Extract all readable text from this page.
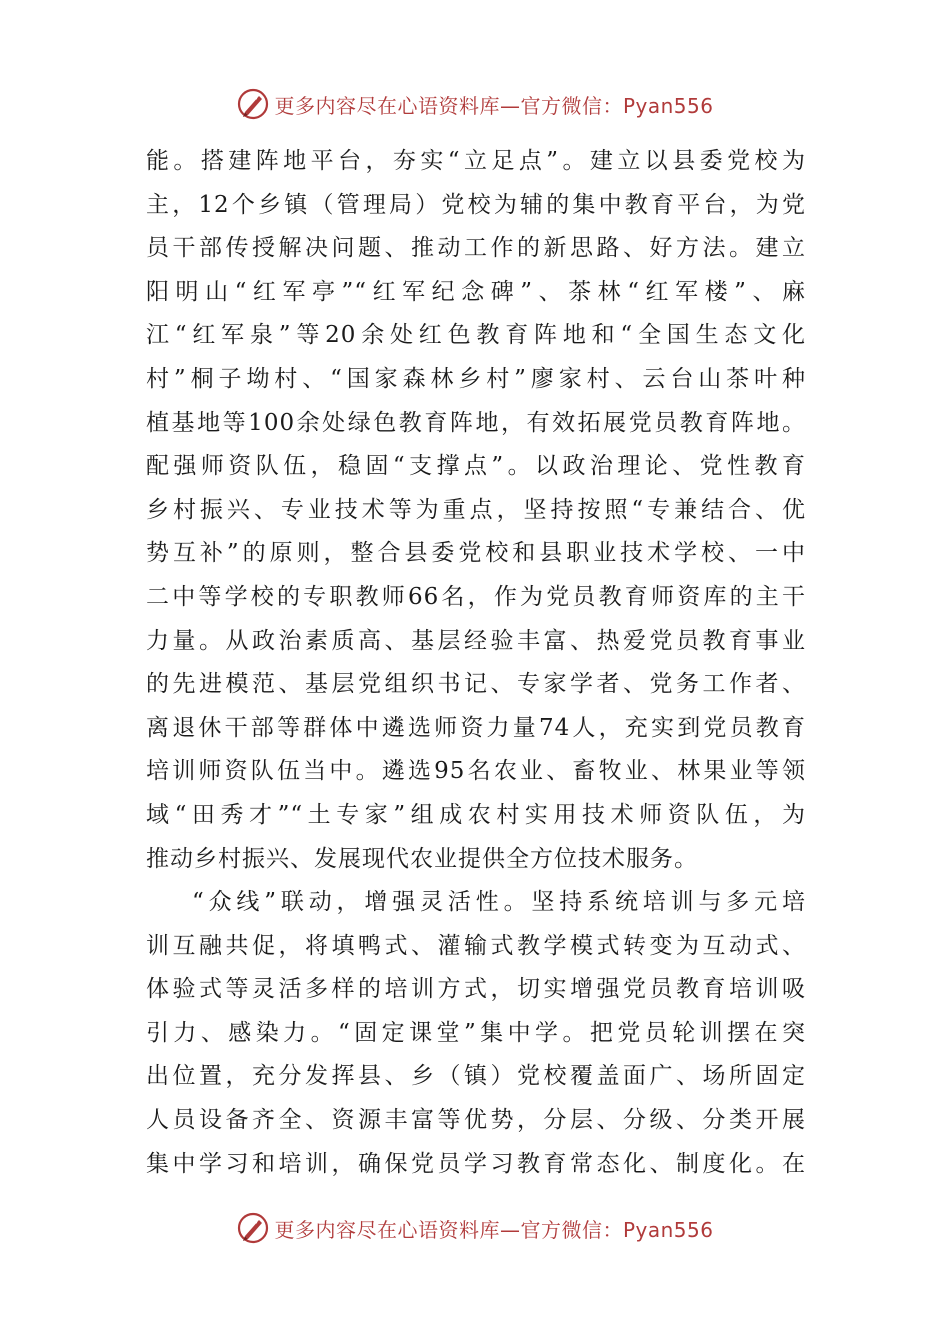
更多内容尽在心语资料库—官方微信：Pyan556
能。搭建阵地平台，夯实“立足点”。建立以县委党校为
主，12个乡镇（管理局）党校为辅的集中教育平台，为党
员干部传授解决问题、推动工作的新思路、好方法。建立
阳明山“红军亭”“红军纪念碑”、茶林“红军楼”、麻
江“红军泉”等20余处红色教育阵地和“全国生态文化
村”桐子坳村、“国家森林乡村”廖家村、云台山茶叶种
植基地等100余处绿色教育阵地，有效拓展党员教育阵地。
配强师资队伍，稳固“支撑点”。以政治理论、党性教育
乡村振兴、专业技术等为重点，坚持按照“专兼结合、优
势互补”的原则，整合县委党校和县职业技术学校、一中
二中等学校的专职教师66名，作为党员教育师资库的主干
力量。从政治素质高、基层经验丰富、热爱党员教育事业
的先进模范、基层党组织书记、专家学者、党务工作者、
离退休干部等群体中遴选师资力量74人，充实到党员教育
培训师资队伍当中。遴选95名农业、畜牧业、林果业等领
域“田秀才”“土专家”组成农村实用技术师资队伍，为
推动乡村振兴、发展现代农业提供全方位技术服务。
“众线”联动，增强灵活性。坚持系统培训与多元培
训互融共促，将填鸭式、灌输式教学模式转变为互动式、
体验式等灵活多样的培训方式，切实增强党员教育培训吸
引力、感染力。“固定课堂”集中学。把党员轮训摆在突
出位置，充分发挥县、乡（镇）党校覆盖面广、场所固定
人员设备齐全、资源丰富等优势，分层、分级、分类开展
集中学习和培训，确保党员学习教育常态化、制度化。在
更多内容尽在心语资料库—官方微信：Pyan556
